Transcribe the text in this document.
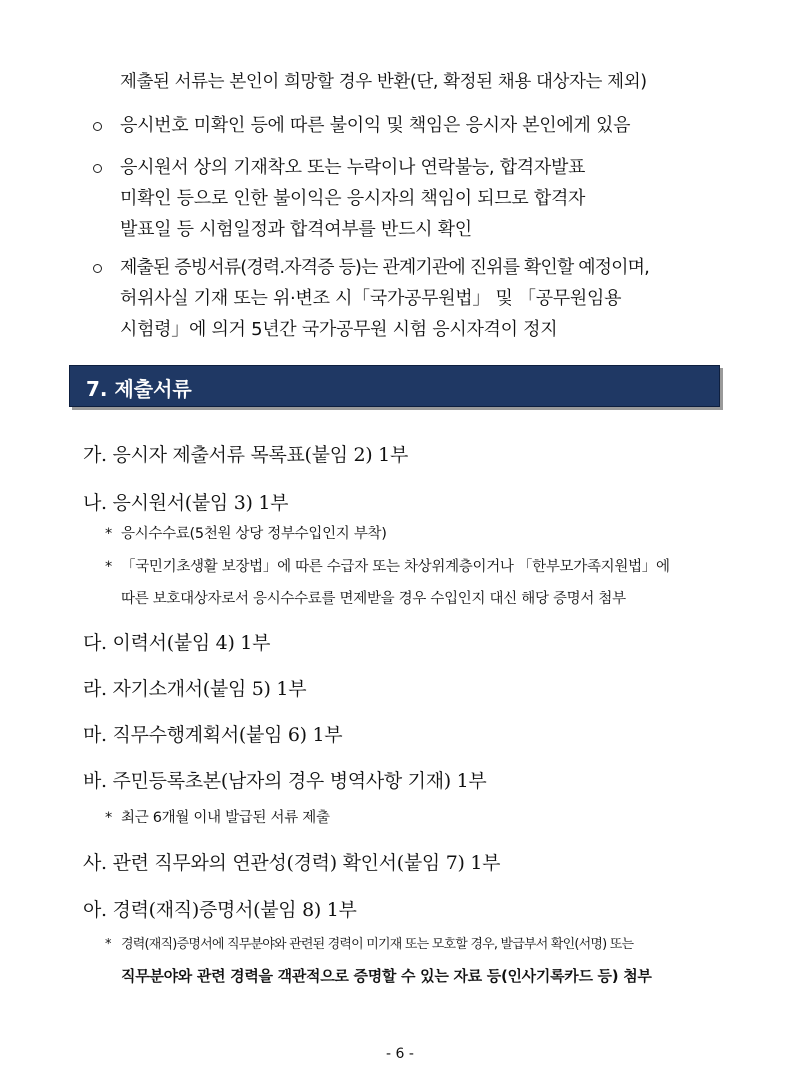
제출된 서류는 본인이 희망할 경우 반환(단, 확정된 채용 대상자는 제외)
응시번호 미확인 등에 따른 불이익 및 책임은 응시자 본인에게 있음
응시원서 상의 기재착오 또는 누락이나 연락불능, 합격자발표
미확인 등으로 인한 불이익은 응시자의 책임이 되므로 합격자
발표일 등 시험일정과 합격여부를 반드시 확인
제출된 증빙서류(경력.자격증 등)는 관계기관에 진위를 확인할 예정이며,
허위사실 기재 또는 위·변조 시「국가공무원법」 및 「공무원임용
시험령」에 의거 5년간 국가공무원 시험 응시자격이 정지
7. 제출서류
가. 응시자 제출서류 목록표(붙임 2) 1부
나. 응시원서(붙임 3) 1부
* 응시수수료(5천원 상당 정부수입인지 부착)
* 「국민기초생활 보장법」에 따른 수급자 또는 차상위계층이거나 「한부모가족지원법」에
따른 보호대상자로서 응시수수료를 면제받을 경우 수입인지 대신 해당 증명서 첨부
다. 이력서(붙임 4) 1부
라. 자기소개서(붙임 5) 1부
마. 직무수행계획서(붙임 6) 1부
바. 주민등록초본(남자의 경우 병역사항 기재) 1부
* 최근 6개월 이내 발급된 서류 제출
사. 관련 직무와의 연관성(경력) 확인서(붙임 7) 1부
아. 경력(재직)증명서(붙임 8) 1부
* 경력(재직)증명서에 직무분야와 관련된 경력이 미기재 또는 모호할 경우, 발급부서 확인(서명) 또는
직무분야와 관련 경력을 객관적으로 증명할 수 있는 자료 등(인사기록카드 등) 첨부
- 6 -
